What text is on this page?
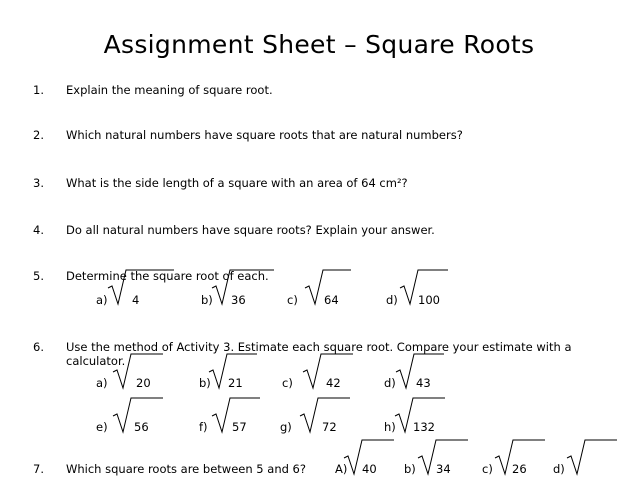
Assignment Sheet – Square Roots
1. Explain the meaning of square root.
2. Which natural numbers have square roots that are natural numbers?
3. What is the side length of a square with an area of 64 cm²?
4. Do all natural numbers have square roots? Explain your answer.
5. Determine the square root of each.
a) 4	b) 36	c) 64	d) 100
6. Use the method of Activity 3. Estimate each square root. Compare your estimate with a
calculator.
a) 20	b) 21	c)	42	d) 43
e) 56	f) 57	g)	72	h) 132
7. Which square roots are between 5 and 6?	A) 40 b) 34	c) 26 d)
